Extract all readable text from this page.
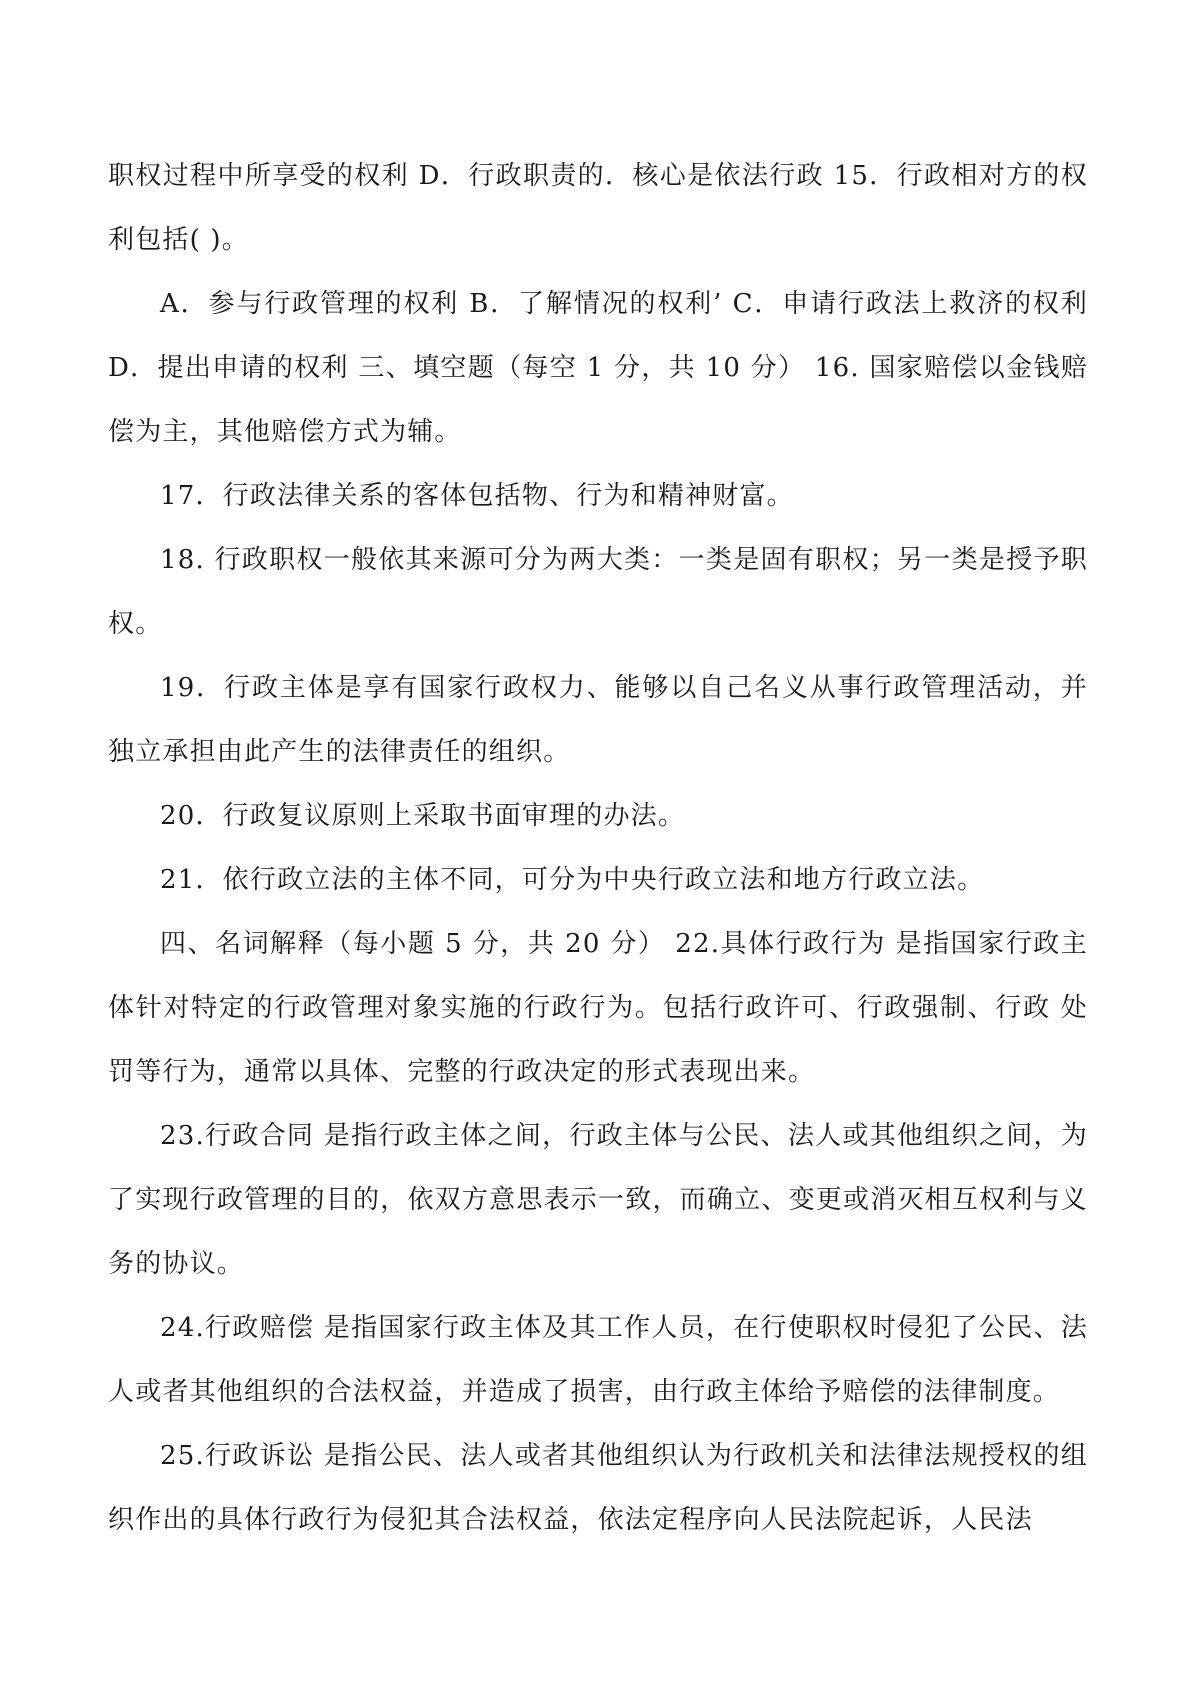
职权过程中所享受的权利 D．行政职责的．核心是依法行政 15．行政相对方的权利包括( )。

A．参与行政管理的权利 B．了解情况的权利’ C．申请行政法上救济的权利 D．提出申请的权利 三、填空题（每空 1 分，共 10 分） 16. 国家赔偿以金钱赔偿为主，其他赔偿方式为辅。

17．行政法律关系的客体包括物、行为和精神财富。

18. 行政职权一般依其来源可分为两大类：一类是固有职权；另一类是授予职权。

19．行政主体是享有国家行政权力、能够以自己名义从事行政管理活动，并独立承担由此产生的法律责任的组织。

20．行政复议原则上采取书面审理的办法。

21．依行政立法的主体不同，可分为中央行政立法和地方行政立法。

四、名词解释（每小题 5 分，共 20 分） 22.具体行政行为 是指国家行政主体针对特定的行政管理对象实施的行政行为。包括行政许可、行政强制、行政 处罚等行为，通常以具体、完整的行政决定的形式表现出来。

23.行政合同 是指行政主体之间，行政主体与公民、法人或其他组织之间，为了实现行政管理的目的，依双方意思表示一致，而确立、变更或消灭相互权利与义务的协议。

24.行政赔偿 是指国家行政主体及其工作人员，在行使职权时侵犯了公民、法人或者其他组织的合法权益，并造成了损害，由行政主体给予赔偿的法律制度。

25.行政诉讼 是指公民、法人或者其他组织认为行政机关和法律法规授权的组织作出的具体行政行为侵犯其合法权益，依法定程序向人民法院起诉，人民法
